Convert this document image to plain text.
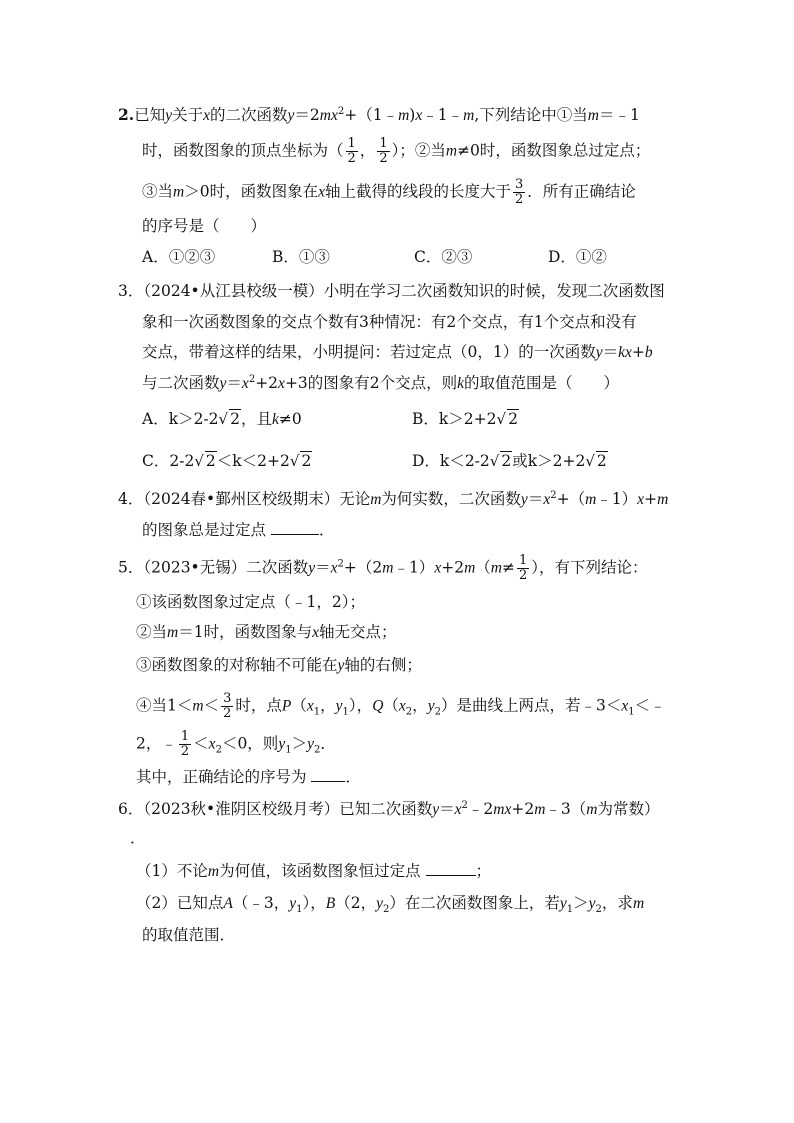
2.已知y关于x的二次函数$y=2mx^2+(1﹣m)x﹣1﹣m$,下列结论中①当m＝﹣1
时，函数图象的顶点坐标为（ $\frac{1}{2}$ ， $\frac{1}{2}$ ）；②当m≠0时，函数图象总过定点；
③当m＞0时，函数图象在x轴上截得的线段的长度大于 $\frac{3}{2}$ ．所有正确结论
的序号是（　　）
A．①②③	B．①③	C．②③	D．①②
3．（2024•从江县校级一模）小明在学习二次函数知识的时候，发现二次函数图
象和一次函数图象的交点个数有3种情况：有2个交点，有1个交点和没有
交点，带着这样的结果，小明提问：若过定点（0，1）的一次函数y＝kx+b
与二次函数$y=x^2+2x+3$的图象有2个交点，则k的取值范围是（　　）
A．k＞2-2√ 2，且k≠0	B．k＞2+2√ 2
C．2-2√ 2＜k＜2+2√ 2	D．k＜2-2√ 2或k＞2+2√ 2
4．（2024春•鄞州区校级期末）无论m为何实数，二次函数$y=x^2+(m﹣1)x+m$
的图象总是过定点	．
5．（2023•无锡）二次函数$y=x^2+(2m﹣1)x+2m(m\ne \frac{1}{2}$ ），有下列结论：
①该函数图象过定点（﹣1，2）；
②当m＝1时，函数图象与x轴无交点；
③函数图象的对称轴不可能在y轴的右侧；
④当$1<m< \frac{3}{2}$ 时，点$P(x_1$，$y_1$），$Q(x_2$，$y_2$）是曲线上两点，若$﹣3<x_1<﹣$
2，﹣ $\frac{1}{2} <x_2<0$，则$y_1>y_2$．
其中，正确结论的序号为	．
6．（2023秋•淮阴区校级月考）已知二次函数$y=x^2﹣2mx+2m﹣3(m$为常数）
．
（1）不论m为何值，该函数图象恒过定点	；
（2）已知点A（﹣3，$y_1$），B（2，$y_2$）在二次函数图象上，若$y_1>y_2$，求m
的取值范围．
